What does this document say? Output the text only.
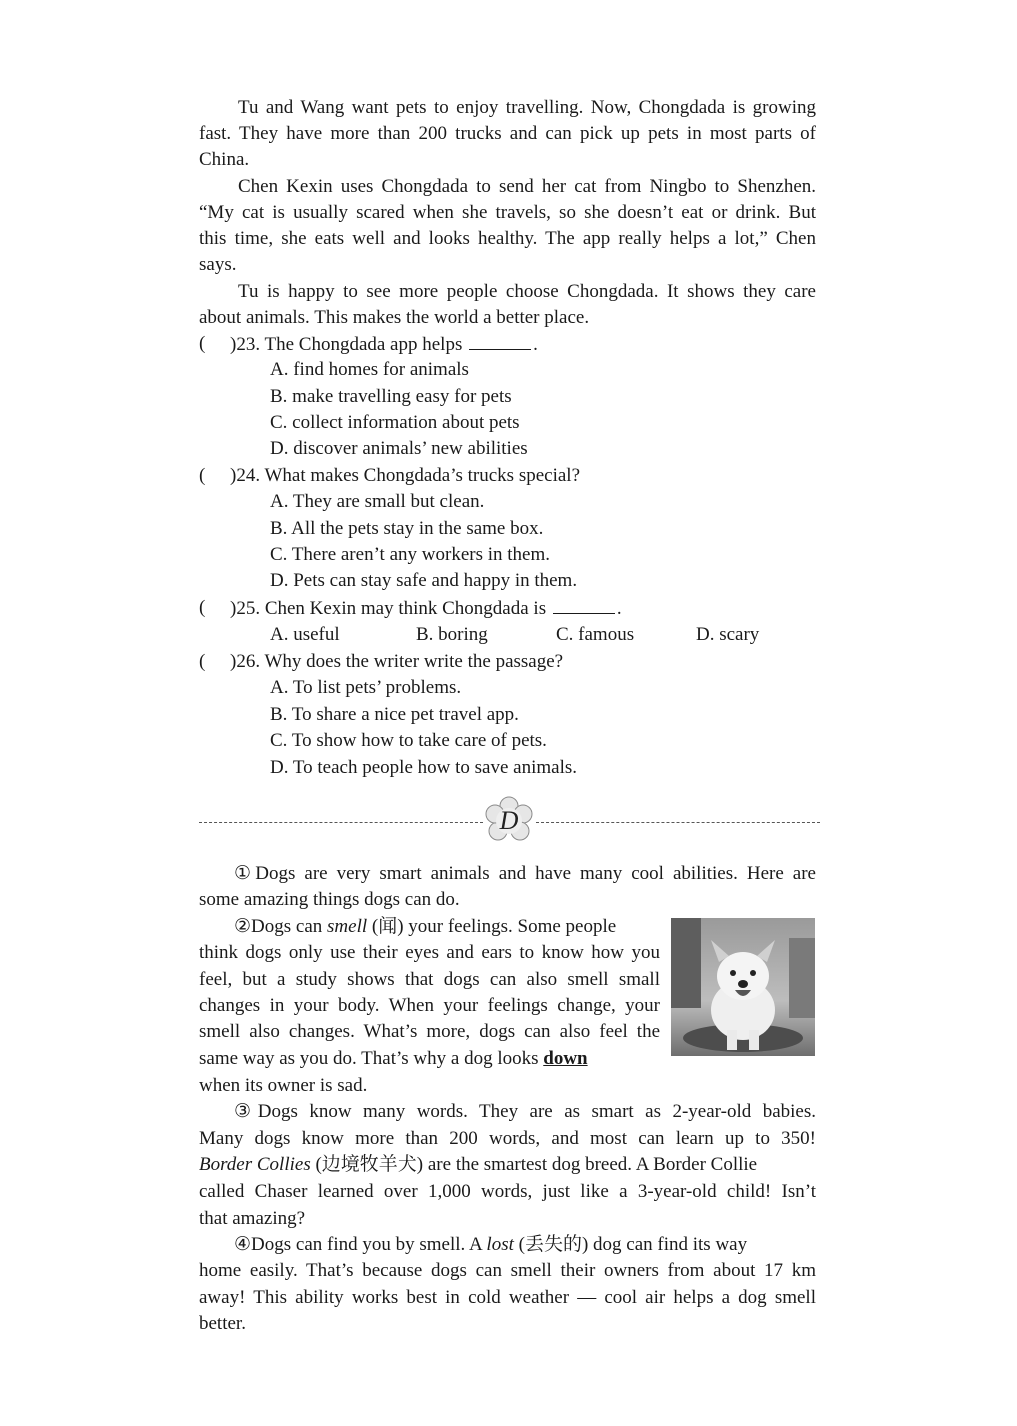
Tu and Wang want pets to enjoy travelling. Now, Chongdada is growing
fast. They have more than 200 trucks and can pick up pets in most parts of
China.
Chen Kexin uses Chongdada to send her cat from Ningbo to Shenzhen.
“My cat is usually scared when she travels, so she doesn’t eat or drink. But
this time, she eats well and looks healthy. The app really helps a lot,” Chen
says.
Tu is happy to see more people choose Chongdada. It shows they care
about animals. This makes the world a better place.
( )23. The Chongdada app helps	.
A. find homes for animals
B. make travelling easy for pets
C. collect information about pets
D. discover animals’ new abilities
( )24. What makes Chongdada’s trucks special?
A. They are small but clean.
B. All the pets stay in the same box.
C. There aren’t any workers in them.
D. Pets can stay safe and happy in them.
( )25. Chen Kexin may think Chongdada is	.
A. useful	B. boring	C. famous	D. scary
( )26. Why does the writer write the passage?
A. To list pets’ problems.
B. To share a nice pet travel app.
C. To show how to take care of pets.
D. To teach people how to save animals.
D
①Dogs are very smart animals and have many cool abilities. Here are
some amazing things dogs can do.
②Dogs can smell (闻) your feelings. Some people
think dogs only use their eyes and ears to know how you
feel, but a study shows that dogs can also smell small
changes in your body. When your feelings change, your
smell also changes. What’s more, dogs can also feel the
same way as you do. That’s why a dog looks down
when its owner is sad.
③Dogs know many words. They are as smart as 2-year-old babies.
Many dogs know more than 200 words, and most can learn up to 350!
Border Collies (边境牧羊犬) are the smartest dog breed. A Border Collie
called Chaser learned over 1,000 words, just like a 3-year-old child! Isn’t
that amazing?
④Dogs can find you by smell. A lost (丢失的) dog can find its way
home easily. That’s because dogs can smell their owners from about 17 km
away! This ability works best in cold weather — cool air helps a dog smell
better.
